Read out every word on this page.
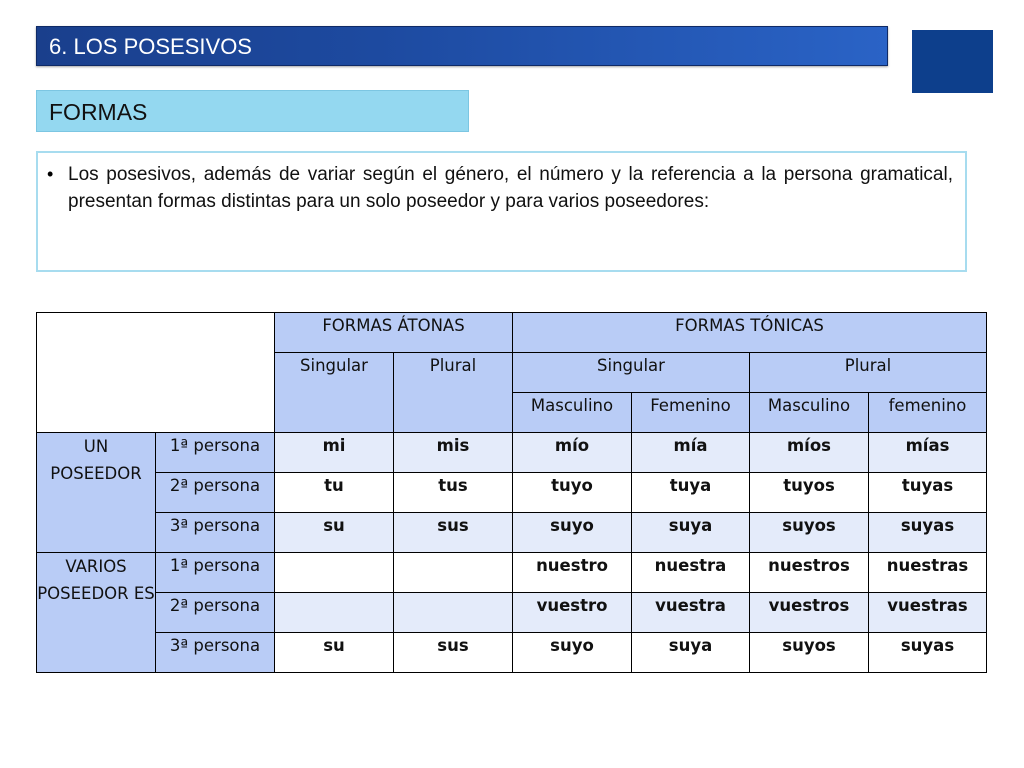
6. LOS POSESIVOS
FORMAS
• Los posesivos, además de variar según el género, el número y la referencia a la persona gramatical, presentan formas distintas para un solo poseedor y para varios poseedores:

		FORMAS ÁTONAS		FORMAS TÓNICAS			
		Singular	Plural	Singular		Plural	
				Masculino	Femenino	Masculino	femenino
UN POSEEDOR	1ª persona	mi	mis	mío	mía	míos	mías
	2ª persona	tu	tus	tuyo	tuya	tuyos	tuyas
	3ª persona	su	sus	suyo	suya	suyos	suyas
VARIOS POSEEDOR ES	1ª persona			nuestro	nuestra	nuestros	nuestras
	2ª persona			vuestro	vuestra	vuestros	vuestras
	3ª persona	su	sus	suyo	suya	suyos	suyas
